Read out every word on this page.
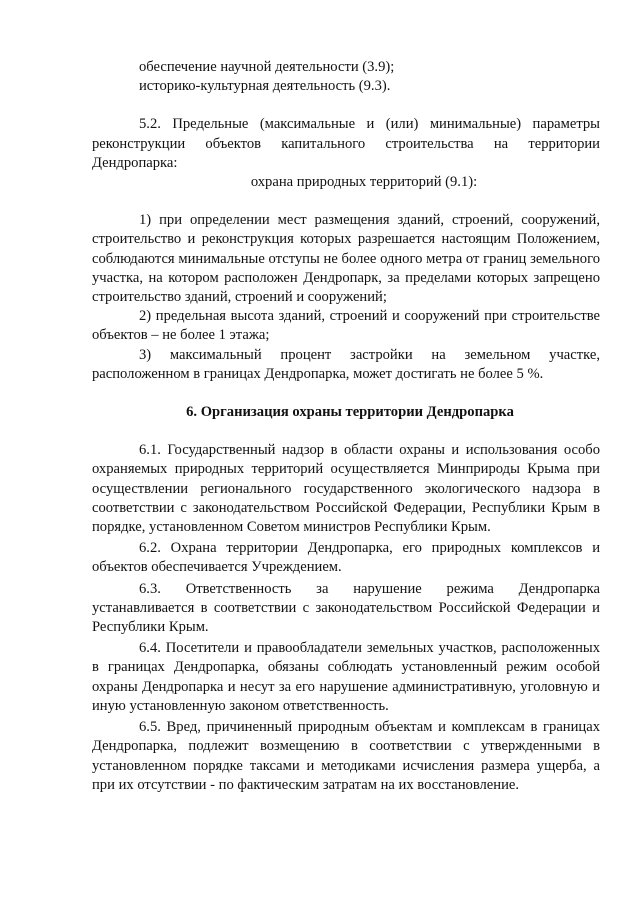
обеспечение научной деятельности (3.9);

историко-культурная деятельность (9.3).

5.2. Предельные (максимальные и (или) минимальные) параметры реконструкции объектов капитального строительства на территории Дендропарка:

охрана природных территорий (9.1):

1) при определении мест размещения зданий, строений, сооружений, строительство и реконструкция которых разрешается настоящим Положением, соблюдаются минимальные отступы не более одного метра от границ земельного участка, на котором расположен Дендропарк, за пределами которых запрещено строительство зданий, строений и сооружений;

2) предельная высота зданий, строений и сооружений при строительстве объектов – не более 1 этажа;

3) максимальный процент застройки на земельном участке, расположенном в границах Дендропарка, может достигать не более 5 %.

6. Организация охраны территории Дендропарка

6.1. Государственный надзор в области охраны и использования особо охраняемых природных территорий осуществляется Минприроды Крыма при осуществлении регионального государственного экологического надзора в соответствии с законодательством Российской Федерации, Республики Крым в порядке, установленном Советом министров Республики Крым.

6.2. Охрана территории Дендропарка, его природных комплексов и объектов обеспечивается Учреждением.

6.3. Ответственность за нарушение режима Дендропарка устанавливается в соответствии с законодательством Российской Федерации и Республики Крым.

6.4. Посетители и правообладатели земельных участков, расположенных в границах Дендропарка, обязаны соблюдать установленный режим особой охраны Дендропарка и несут за его нарушение административную, уголовную и иную установленную законом ответственность.

6.5. Вред, причиненный природным объектам и комплексам в границах Дендропарка, подлежит возмещению в соответствии с утвержденными в установленном порядке таксами и методиками исчисления размера ущерба, а при их отсутствии - по фактическим затратам на их восстановление.
